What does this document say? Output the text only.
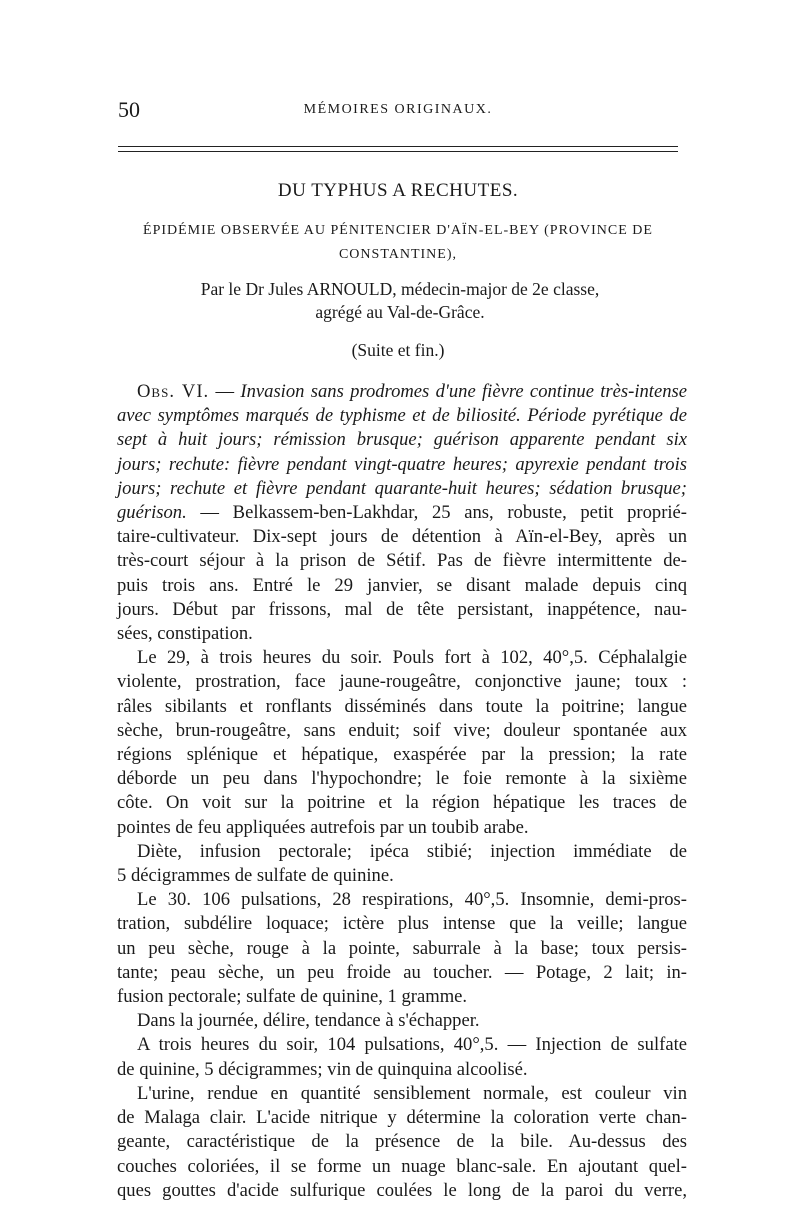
50	MÉMOIRES ORIGINAUX.
DU TYPHUS A RECHUTES.
ÉPIDÉMIE OBSERVÉE AU PÉNITENCIER D'AÏN-EL-BEY (PROVINCE DE
CONSTANTINE),
Par le Dr Jules ARNOULD, médecin-major de 2e classe,
agrégé au Val-de-Grâce.
(Suite et fin.)

Obs. VI. — Invasion sans prodromes d'une fièvre continue très-intense

avec symptômes marqués de typhisme et de biliosité. Période pyrétique de

sept à huit jours; rémission brusque; guérison apparente pendant six

jours; rechute: fièvre pendant vingt-quatre heures; apyrexie pendant trois

jours; rechute et fièvre pendant quarante-huit heures; sédation brusque;

guérison. — Belkassem-ben-Lakhdar, 25 ans, robuste, petit proprié-

taire-cultivateur. Dix-sept jours de détention à Aïn-el-Bey, après un

très-court séjour à la prison de Sétif. Pas de fièvre intermittente de-

puis trois ans. Entré le 29 janvier, se disant malade depuis cinq

jours. Début par frissons, mal de tête persistant, inappétence, nau-

sées, constipation.

Le 29, à trois heures du soir. Pouls fort à 102, 40°,5. Céphalalgie

violente, prostration, face jaune-rougeâtre, conjonctive jaune; toux :

râles sibilants et ronflants disséminés dans toute la poitrine; langue

sèche, brun-rougeâtre, sans enduit; soif vive; douleur spontanée aux

régions splénique et hépatique, exaspérée par la pression; la rate

déborde un peu dans l'hypochondre; le foie remonte à la sixième

côte. On voit sur la poitrine et la région hépatique les traces de

pointes de feu appliquées autrefois par un toubib arabe.

Diète, infusion pectorale; ipéca stibié; injection immédiate de

5 décigrammes de sulfate de quinine.

Le 30. 106 pulsations, 28 respirations, 40°,5. Insomnie, demi-pros-

tration, subdélire loquace; ictère plus intense que la veille; langue

un peu sèche, rouge à la pointe, saburrale à la base; toux persis-

tante; peau sèche, un peu froide au toucher. — Potage, 2 lait; in-

fusion pectorale; sulfate de quinine, 1 gramme.

Dans la journée, délire, tendance à s'échapper.

A trois heures du soir, 104 pulsations, 40°,5. — Injection de sulfate

de quinine, 5 décigrammes; vin de quinquina alcoolisé.

L'urine, rendue en quantité sensiblement normale, est couleur vin

de Malaga clair. L'acide nitrique y détermine la coloration verte chan-

geante, caractéristique de la présence de la bile. Au-dessus des

couches coloriées, il se forme un nuage blanc-sale. En ajoutant quel-

ques gouttes d'acide sulfurique coulées le long de la paroi du verre,
